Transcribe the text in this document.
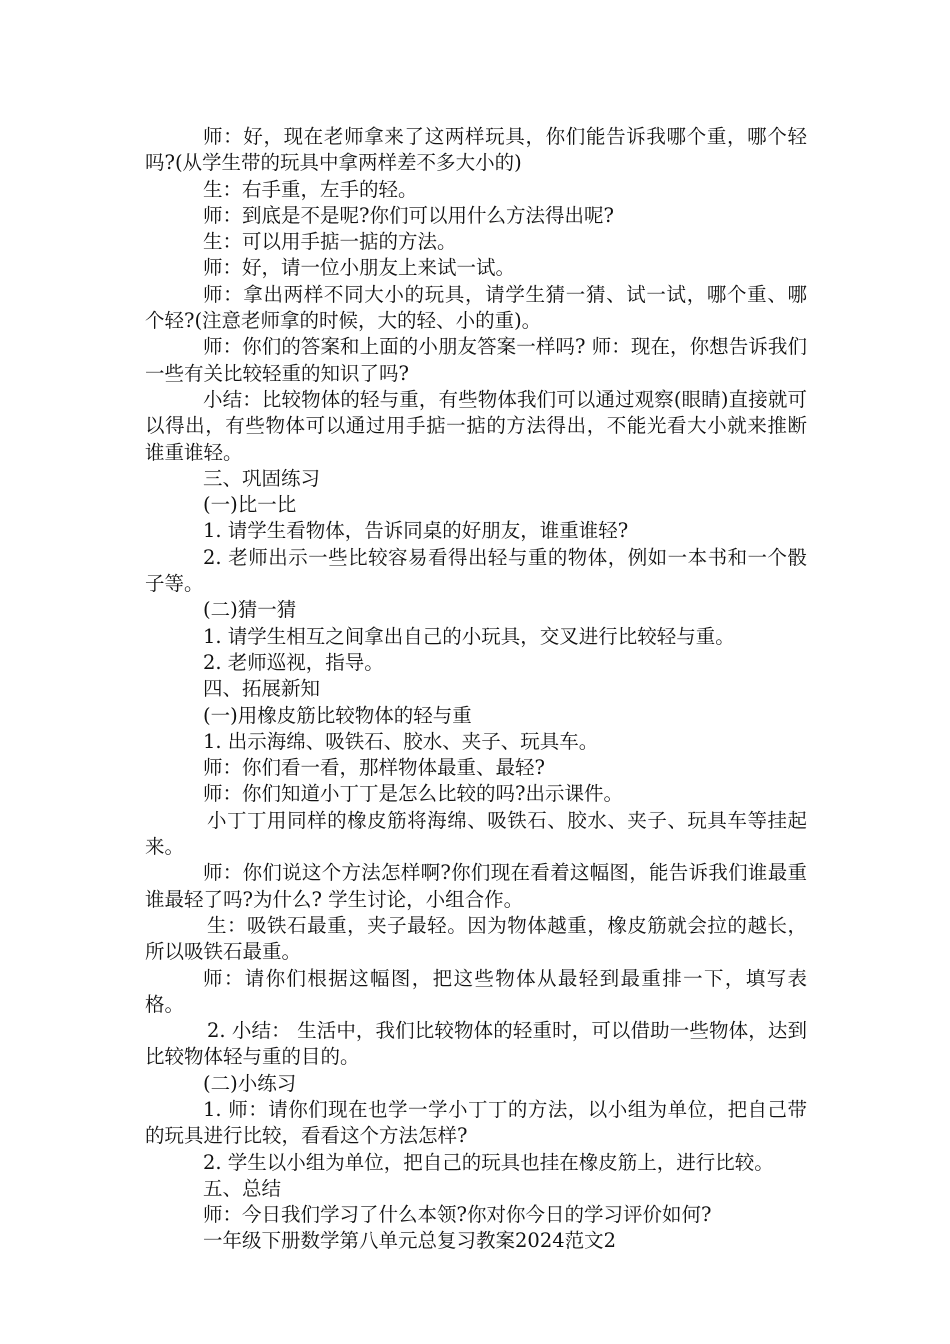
师：好，现在老师拿来了这两样玩具，你们能告诉我哪个重，哪个轻吗?(从学生带的玩具中拿两样差不多大小的)

生：右手重，左手的轻。

师：到底是不是呢?你们可以用什么方法得出呢?

生：可以用手掂一掂的方法。

师：好，请一位小朋友上来试一试。

师：拿出两样不同大小的玩具，请学生猜一猜、试一试，哪个重、哪个轻?(注意老师拿的时候，大的轻、小的重)。

师：你们的答案和上面的小朋友答案一样吗? 师：现在，你想告诉我们一些有关比较轻重的知识了吗?

小结：比较物体的轻与重，有些物体我们可以通过观察(眼睛)直接就可以得出，有些物体可以通过用手掂一掂的方法得出，不能光看大小就来推断谁重谁轻。

三、巩固练习

(一)比一比

1. 请学生看物体，告诉同桌的好朋友，谁重谁轻?

2. 老师出示一些比较容易看得出轻与重的物体，例如一本书和一个骰子等。

(二)猜一猜

1. 请学生相互之间拿出自己的小玩具，交叉进行比较轻与重。

2. 老师巡视，指导。

四、拓展新知

(一)用橡皮筋比较物体的轻与重

1. 出示海绵、吸铁石、胶水、夹子、玩具车。

师：你们看一看，那样物体最重、最轻?

师：你们知道小丁丁是怎么比较的吗?出示课件。

小丁丁用同样的橡皮筋将海绵、吸铁石、胶水、夹子、玩具车等挂起来。

师：你们说这个方法怎样啊?你们现在看着这幅图，能告诉我们谁最重谁最轻了吗?为什么? 学生讨论，小组合作。

生：吸铁石最重，夹子最轻。因为物体越重，橡皮筋就会拉的越长，所以吸铁石最重。

师：请你们根据这幅图，把这些物体从最轻到最重排一下，填写表格。

2. 小结： 生活中，我们比较物体的轻重时，可以借助一些物体，达到比较物体轻与重的目的。

(二)小练习

1. 师：请你们现在也学一学小丁丁的方法，以小组为单位，把自己带的玩具进行比较，看看这个方法怎样?

2. 学生以小组为单位，把自己的玩具也挂在橡皮筋上，进行比较。

五、总结

师：今日我们学习了什么本领?你对你今日的学习评价如何?

一年级下册数学第八单元总复习教案2024范文2
